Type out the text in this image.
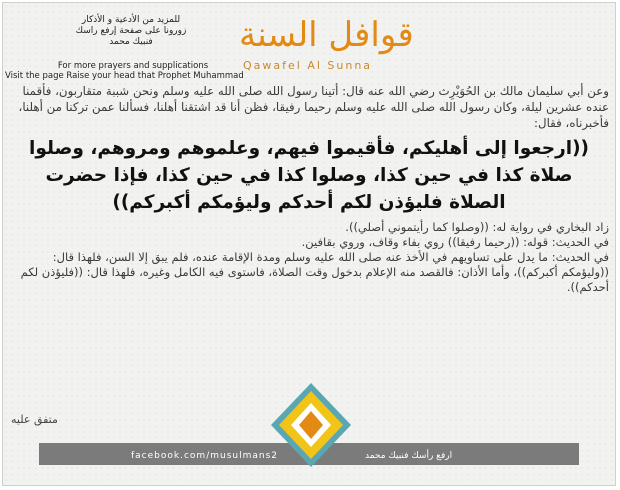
قوافل السنة
Qawafel Al Sunna
للمزيد من الأدعية و الأذكار
زورونا على صفحة إرفع راسك فنبيك محمد
For more prayers and supplications
Visit the page Raise your head that Prophet Muhammad

وعن أبي سليمان مالك بن الحُوَيْرِث رضي الله عنه قال: أتينا رسول الله صلى الله عليه وسلم ونحن شببة متقاربون، فأقمنا عنده عشرين ليلة، وكان رسول الله صلى الله عليه وسلم رحيما رفيقا، فظن أنا قد اشتقنا أهلنا، فسألنا عمن تركنا من أهلنا، فأخبرناه، فقال:

((ارجعوا إلى أهليكم، فأقيموا فيهم، وعلموهم ومروهم، وصلوا صلاة كذا في حين كذا، وصلوا كذا في حين كذا، فإذا حضرت الصلاة فليؤذن لكم أحدكم وليؤمكم أكبركم))

زاد البخاري في رواية له: ((وصلوا كما رأيتموني أصلي)).

في الحديث: قوله: ((رحيما رفيقا)) روي بفاء وقاف، وروي بقافين.

في الحديث: ما يدل على تساويهم في الأخذ عنه صلى الله عليه وسلم ومدة الإقامة عنده، فلم يبق إلا السن، فلهذا قال: ((وليؤمكم أكبركم))، وأما الأذان: فالقصد منه الإعلام بدخول وقت الصلاة، فاستوى فيه الكامل وغيره، فلهذا قال: ((فليؤذن لكم أحدكم)).

متفق عليه
facebook.com/musulmans2	ارفع رأسك فنبيك محمد
